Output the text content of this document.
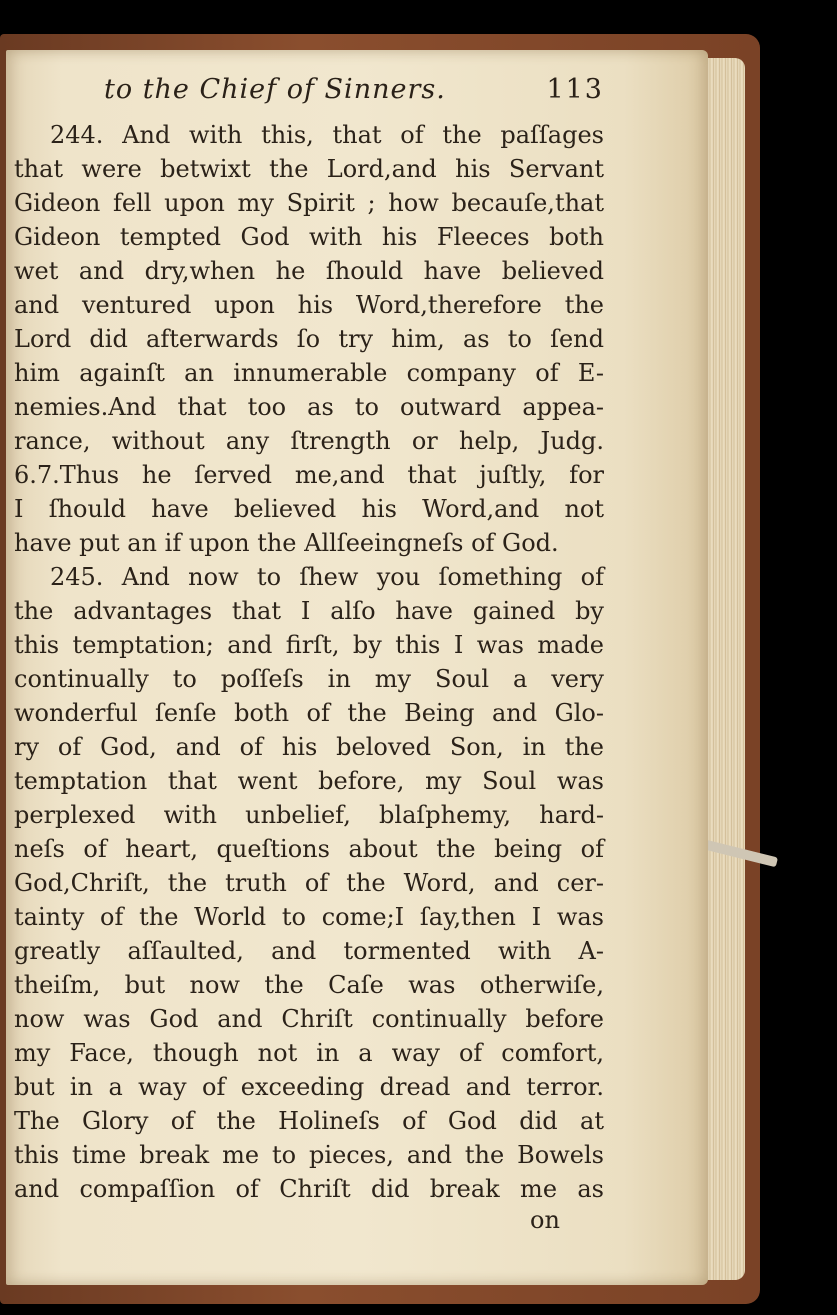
to the Chief of Sinners.	113
244. And with this, that of the paſſages
that were betwixt the Lord,and his Servant
Gideon fell upon my Spirit ; how becauſe,that
Gideon tempted God with his Fleeces both
wet and dry,when he ſhould have believed
and ventured upon his Word,therefore the
Lord did afterwards ſo try him, as to ſend
him againſt an innumerable company of E-
nemies.And that too as to outward appea-
rance, without any ſtrength or help, Judg.
6.7.Thus he ſerved me,and that juſtly, for
I ſhould have believed his Word,and not
have put an if upon the Allſeeingneſs of God.
245. And now to ſhew you ſomething of
the advantages that I alſo have gained by
this temptation; and firſt, by this I was made
continually to poſſeſs in my Soul a very
wonderful ſenſe both of the Being and Glo-
ry of God, and of his beloved Son, in the
temptation that went before, my Soul was
perplexed with unbelief, blaſphemy, hard-
neſs of heart, queſtions about the being of
God,Chriſt, the truth of the Word, and cer-
tainty of the World to come;I ſay,then I was
greatly aſſaulted, and tormented with A-
theiſm, but now the Caſe was otherwiſe,
now was God and Chriſt continually before
my Face, though not in a way of comfort,
but in a way of exceeding dread and terror.
The Glory of the Holineſs of God did at
this time break me to pieces, and the Bowels
and compaſſion of Chriſt did break me as
on
